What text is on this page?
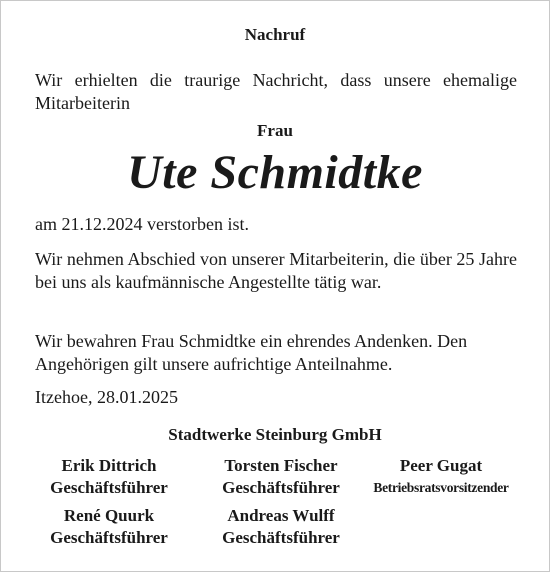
Nachruf

Wir erhielten die traurige Nachricht, dass unsere ehemalige Mitarbeiterin

Frau
Ute Schmidtke

am 21.12.2024 verstorben ist.

Wir nehmen Abschied von unserer Mitarbeiterin, die über 25 Jahre bei uns als kaufmännische Angestellte tätig war.

Wir bewahren Frau Schmidtke ein ehrendes Andenken. Den Angehörigen gilt unsere aufrichtige Anteilnahme.

Itzehoe, 28.01.2025

Stadtwerke Steinburg GmbH
Erik Dittrich
Geschäftsführer
Torsten Fischer
Geschäftsführer
Peer Gugat
Betriebsratsvorsitzender
René Quurk
Geschäftsführer
Andreas Wulff
Geschäftsführer
